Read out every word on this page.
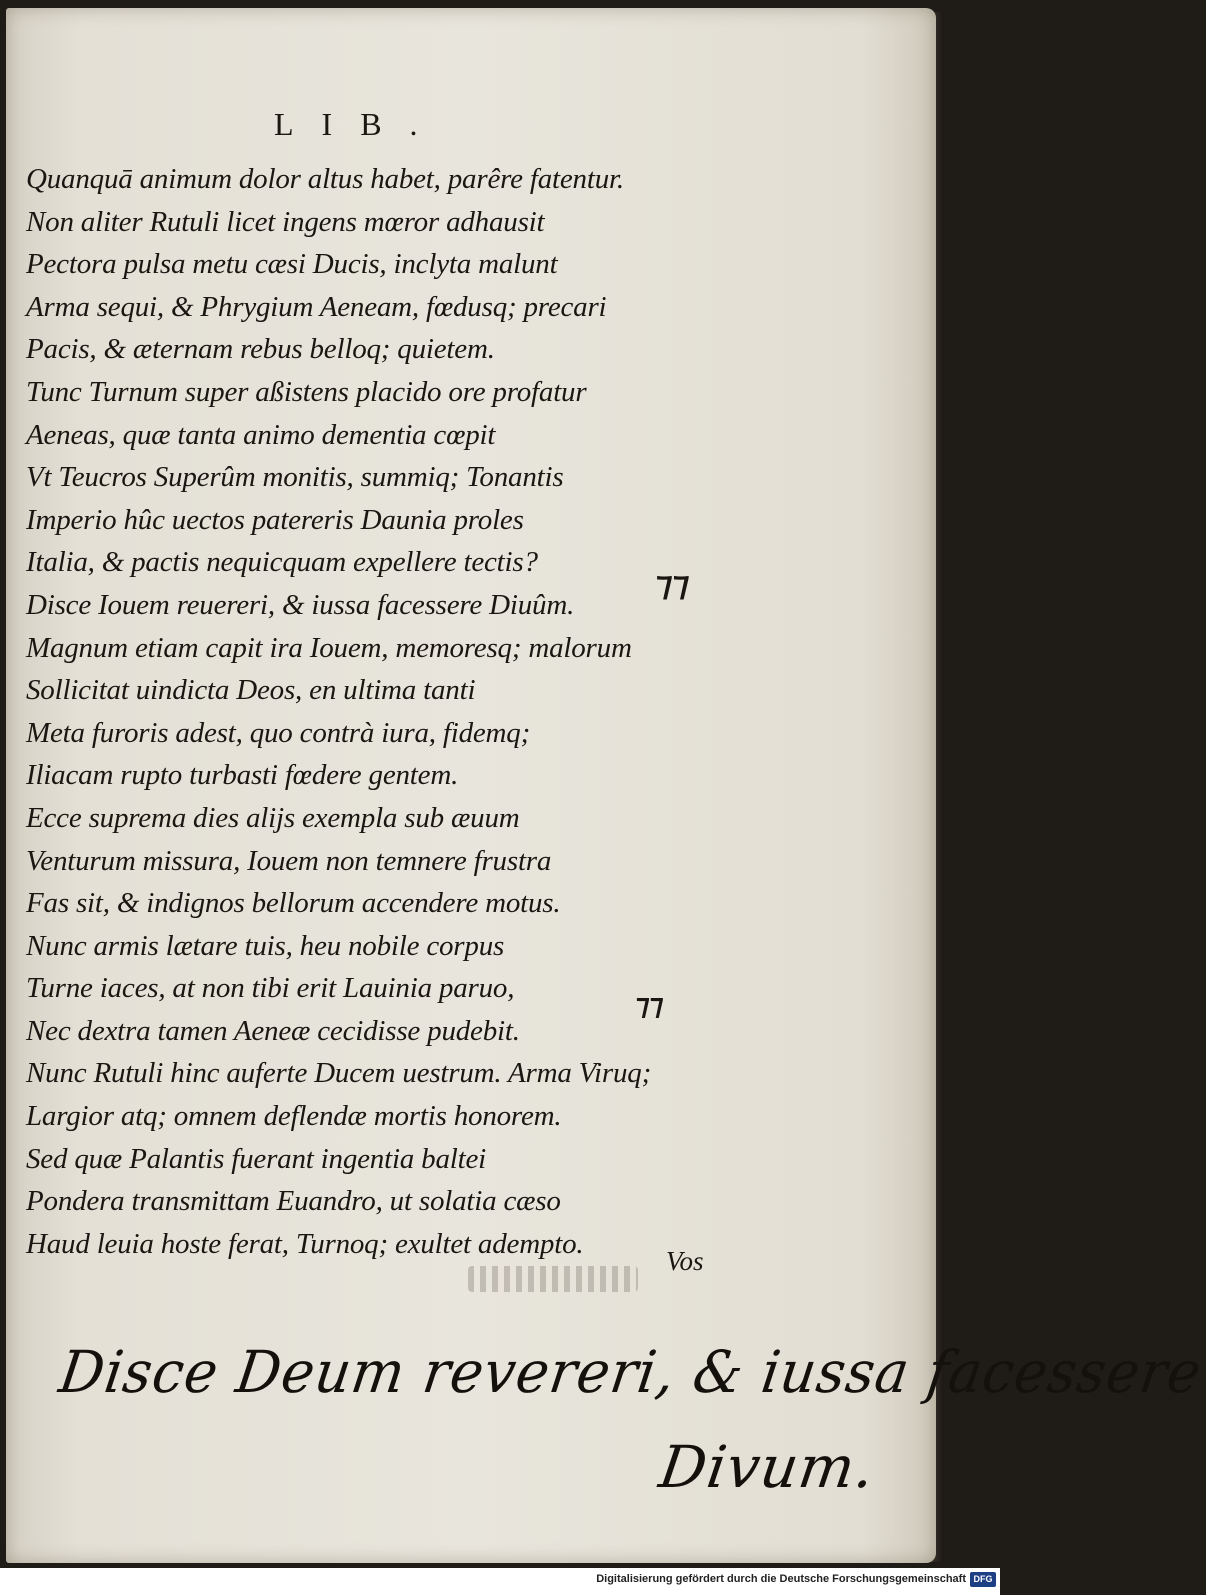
LIB.
Quanquā animum dolor altus habet, parêre fatentur.
Non aliter Rutuli licet ingens mœror adhausit
Pectora pulsa metu cæsi Ducis, inclyta malunt
Arma sequi, & Phrygium Aeneam, fœdusq; precari
Pacis, & æternam rebus belloq; quietem.
Tunc Turnum super aßistens placido ore profatur
Aeneas, quæ tanta animo dementia cœpit
Vt Teucros Superûm monitis, summiq; Tonantis
Imperio hûc uectos patereris Daunia proles
Italia, & pactis nequicquam expellere tectis?
Disce Iouem reuereri, & iussa facessere Diuûm.
Magnum etiam capit ira Iouem, memoresq; malorum
Sollicitat uindicta Deos, en ultima tanti
Meta furoris adest, quo contrà iura, fidemq;
Iliacam rupto turbasti fœdere gentem.
Ecce suprema dies alijs exempla sub æuum
Venturum missura, Iouem non temnere frustra
Fas sit, & indignos bellorum accendere motus.
Nunc armis lætare tuis, heu nobile corpus
Turne iaces, at non tibi erit Lauinia paruo,
Nec dextra tamen Aeneæ cecidisse pudebit.
Nunc Rutuli hinc auferte Ducem uestrum. Arma Viruq;
Largior atq; omnem deflendæ mortis honorem.
Sed quæ Palantis fuerant ingentia baltei
Pondera transmittam Euandro, ut solatia cæso
Haud leuia hoste ferat, Turnoq; exultet adempto.
⁊⁊
⁊⁊
Vos
Disce Deum revereri, & iussa facessere
Divum.
Digitalisierung gefördert durch die Deutsche Forschungsgemeinschaft DFG
